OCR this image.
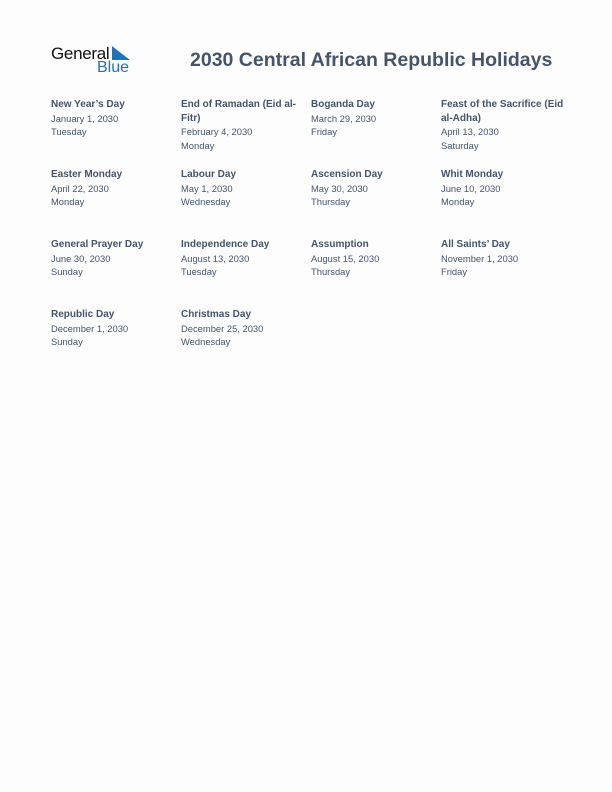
General
Blue	2030 Central African Republic Holidays
New Year’s Day
January 1, 2030
Tuesday
End of Ramadan (Eid al-Fitr)
February 4, 2030
Monday
Boganda Day
March 29, 2030
Friday
Feast of the Sacrifice (Eid al-Adha)
April 13, 2030
Saturday
Easter Monday
April 22, 2030
Monday
Labour Day
May 1, 2030
Wednesday
Ascension Day
May 30, 2030
Thursday
Whit Monday
June 10, 2030
Monday
General Prayer Day
June 30, 2030
Sunday
Independence Day
August 13, 2030
Tuesday
Assumption
August 15, 2030
Thursday
All Saints’ Day
November 1, 2030
Friday
Republic Day
December 1, 2030
Sunday
Christmas Day
December 25, 2030
Wednesday
